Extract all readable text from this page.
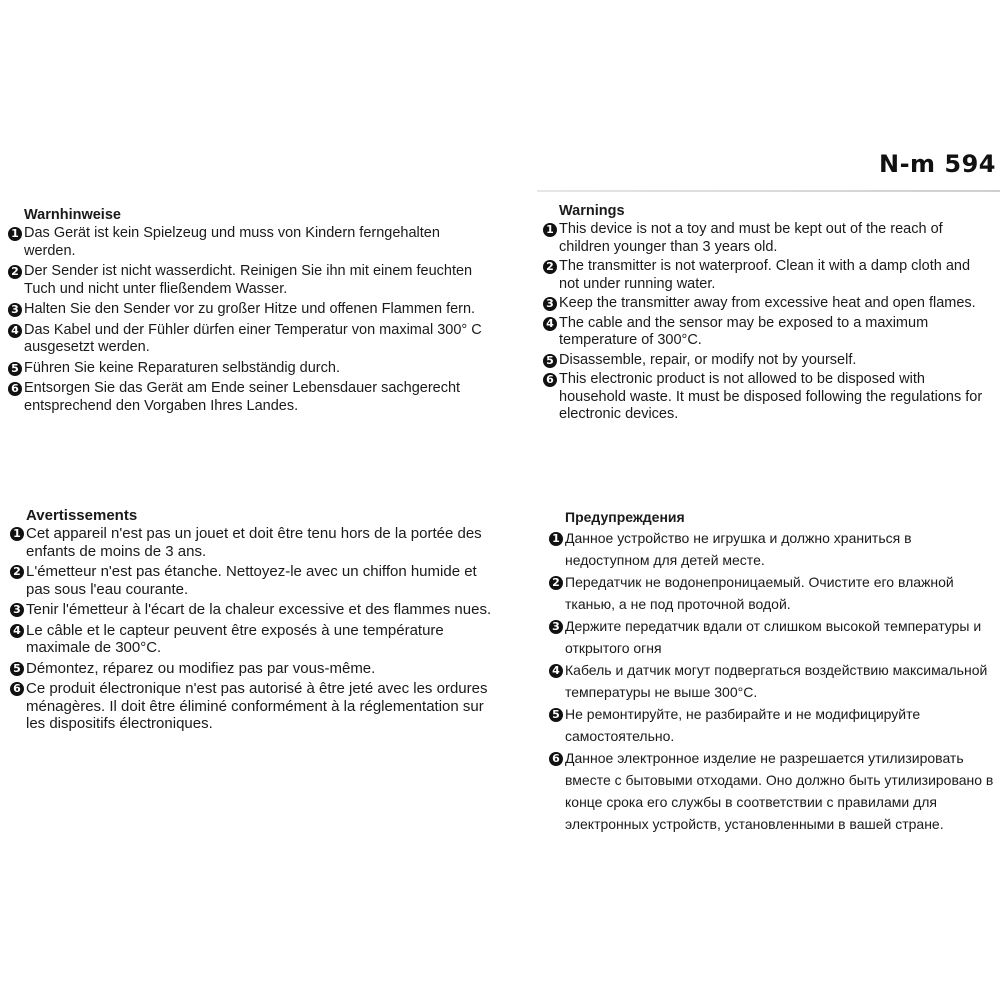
N-m 594
Warnhinweise
1 Das Gerät ist kein Spielzeug und muss von Kindern ferngehalten werden.
2 Der Sender ist nicht wasserdicht. Reinigen Sie ihn mit einem feuchten Tuch und nicht unter fließendem Wasser.
3 Halten Sie den Sender vor zu großer Hitze und offenen Flammen fern.
4 Das Kabel und der Fühler dürfen einer Temperatur von maximal 300° C ausgesetzt werden.
5 Führen Sie keine Reparaturen selbständig durch.
6 Entsorgen Sie das Gerät am Ende seiner Lebensdauer sachgerecht entsprechend den Vorgaben Ihres Landes.
Warnings
1 This device is not a toy and must be kept out of the reach of children younger than 3 years old.
2 The transmitter is not waterproof. Clean it with a damp cloth and not under running water.
3 Keep the transmitter away from excessive heat and open flames.
4 The cable and the sensor may be exposed to a maximum temperature of 300°C.
5 Disassemble, repair, or modify not by yourself.
6 This electronic product is not allowed to be disposed with household waste. It must be disposed following the regulations for electronic devices.
Avertissements
1 Cet appareil n'est pas un jouet et doit être tenu hors de la portée des enfants de moins de 3 ans.
2 L'émetteur n'est pas étanche. Nettoyez-le avec un chiffon humide et pas sous l'eau courante.
3 Tenir l'émetteur à l'écart de la chaleur excessive et des flammes nues.
4 Le câble et le capteur peuvent être exposés à une température maximale de 300°C.
5 Démontez, réparez ou modifiez pas par vous-même.
6 Ce produit électronique n'est pas autorisé à être jeté avec les ordures ménagères. Il doit être éliminé conformément à la réglementation sur les dispositifs électroniques.
Предупреждения
1 Данное устройство не игрушка и должно храниться в недоступном для детей месте.
2 Передатчик не водонепроницаемый. Очистите его влажной тканью, а не под проточной водой.
3 Держите передатчик вдали от слишком высокой температуры и открытого огня
4 Кабель и датчик могут подвергаться воздействию максимальной температуры не выше 300°C.
5 Не ремонтируйте, не разбирайте и не модифицируйте самостоятельно.
6 Данное электронное изделие не разрешается утилизировать вместе с бытовыми отходами. Оно должно быть утилизировано в конце срока его службы в соответствии с правилами для электронных устройств, установленными в вашей стране.
